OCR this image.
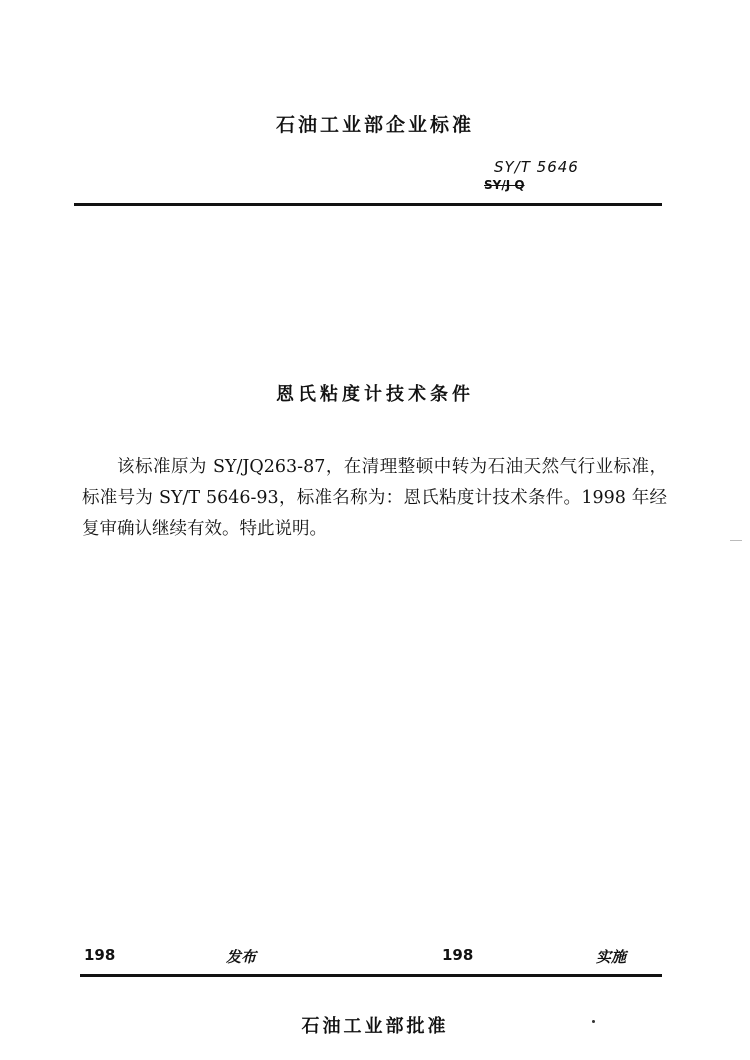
石油工业部企业标准
SY/T 5646
SY/J Q
恩氏粘度计技术条件
该标准原为 SY/JQ263-87，在清理整顿中转为石油天然气行业标准，标准号为 SY/T 5646-93，标准名称为：恩氏粘度计技术条件。1998 年经复审确认继续有效。特此说明。
198	发布	198	实施
石油工业部批准
